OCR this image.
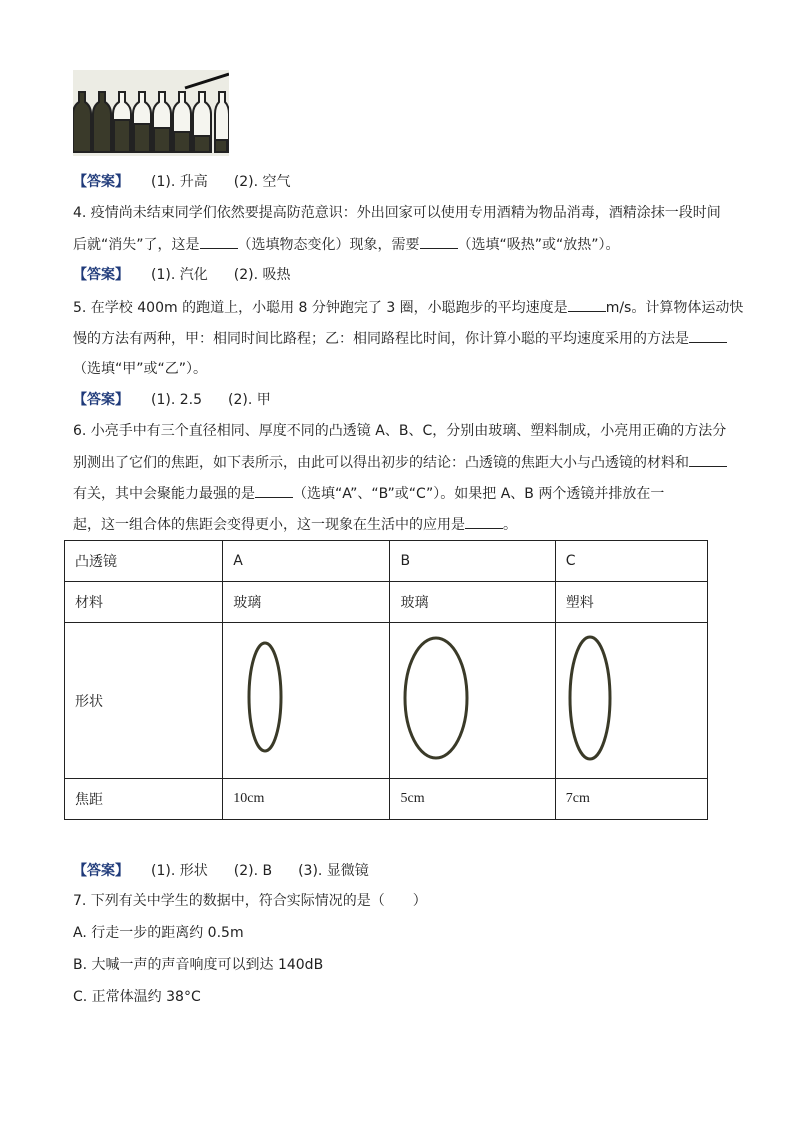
【答案】 (1). 升高 (2). 空气
4. 疫情尚未结束同学们依然要提高防范意识：外出回家可以使用专用酒精为物品消毒，酒精涂抹一段时间
后就“消失”了，这是	（选填物态变化）现象，需要	（选填“吸热”或“放热”）。
【答案】 (1). 汽化 (2). 吸热
5. 在学校 400m 的跑道上，小聪用 8 分钟跑完了 3 圈，小聪跑步的平均速度是	m/s。计算物体运动快
慢的方法有两种，甲：相同时间比路程；乙：相同路程比时间，你计算小聪的平均速度采用的方法是
（选填“甲”或“乙”）。
【答案】 (1). 2.5 (2). 甲
6. 小亮手中有三个直径相同、厚度不同的凸透镜 A、B、C，分别由玻璃、塑料制成，小亮用正确的方法分
别测出了它们的焦距，如下表所示，由此可以得出初步的结论：凸透镜的焦距大小与凸透镜的材料和
有关，其中会聚能力最强的是	（选填“A”、“B”或“C”）。如果把 A、B 两个透镜并排放在一
起，这一组合体的焦距会变得更小，这一现象在生活中的应用是	。
凸透镜	A	B	C
材料	玻璃	玻璃	塑料
形状			
焦距	10cm	5cm	7cm
【答案】 (1). 形状 (2). B (3). 显微镜
7. 下列有关中学生的数据中，符合实际情况的是（　　）
A. 行走一步的距离约 0.5m
B. 大喊一声的声音响度可以到达 140dB
C. 正常体温约 38°C
